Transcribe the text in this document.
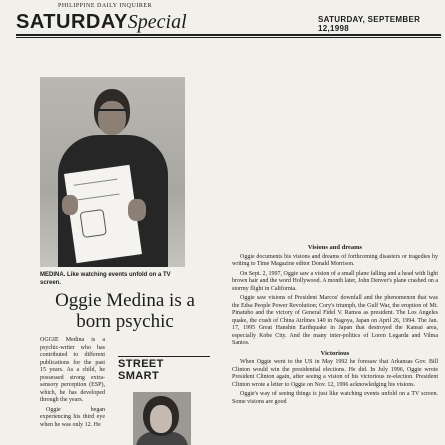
PHILIPPINE DAILY INQUIRER
SATURDAYSpecial	SATURDAY, SEPTEMBER 12,1998
MEDINA. Like watching events unfold on a TV screen.
Oggie Medina is a born psychic

OGGIE Medina is a psychic-writer who has contributed to different publications for the past 15 years. As a child, he possessed strong extra-sensory perception (ESP), which, he has developed through the years.

Oggie began experiencing his third eye when he was only 12. He

STREET
SMART
Visions and dreams

Oggie documents his visions and dreams of forthcoming disasters or tragedies by writing to Time Magazine editor Donald Morrison.

On Sept. 2, 1997, Oggie saw a vision of a small plane falling and a head with light brown hair and the word Hollywood. A month later, John Denver's plane crashed on a stormy flight in California.

Oggie saw visions of President Marcos' downfall and the phenomenon that was the Edsa People Power Revolution; Cory's triumph, the Gulf War, the eruption of Mt. Pinatubo and the victory of General Fidel V. Ramos as president. The Los Angeles quake, the crash of China Airlines 140 in Nagoya, Japan on April 26, 1994. The Jan. 17, 1995 Great Hanshin Earthquake in Japan that destroyed the Kansai area, especially Kobe City. And the many inter-politics of Loren Legarda and Vilma Santos.

Victorious

When Oggie went to the US in May 1992 he foresaw that Arkansas Gov. Bill Clinton would win the presidential elections. He did. In July 1996, Oggie wrote President Clinton again, after seeing a vision of his victorious re-election. President Clinton wrote a letter to Oggie on Nov. 12, 1996 acknowledging his visions.

Oggie's way of seeing things is just like watching events unfold on a TV screen. Some visions are good
